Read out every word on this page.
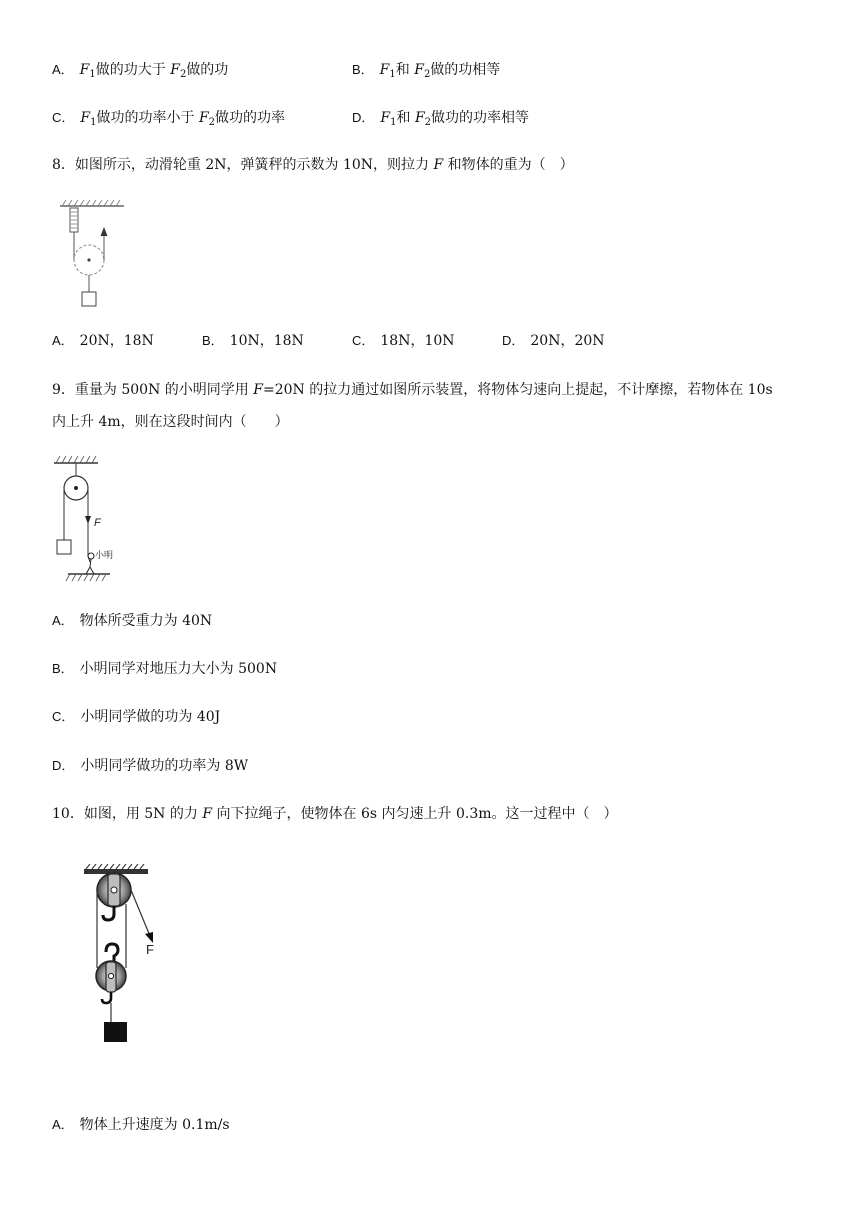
A． $F_1$做的功大于 $F_2$做的功	B． $F_1$和 $F_2$做的功相等
C． $F_1$做功的功率小于 $F_2$做功的功率	D． $F_1$和 $F_2$做功的功率相等
8．如图所示，动滑轮重 2N，弹簧秤的示数为 10N，则拉力 F 和物体的重为（　）
A． 20N，18N	B． 10N，18N	C． 18N，10N	D． 20N，20N
9．重量为 500N 的小明同学用 F=20N 的拉力通过如图所示装置，将物体匀速向上提起，不计摩擦，若物体在 10s
内上升 4m，则在这段时间内（　　）
F
小明
A． 物体所受重力为 40N
B． 小明同学对地压力大小为 500N
C． 小明同学做的功为 40J
D． 小明同学做功的功率为 8W
10．如图，用 5N 的力 F 向下拉绳子，使物体在 6s 内匀速上升 0.3m。这一过程中（　）
F
A． 物体上升速度为 0.1m/s
